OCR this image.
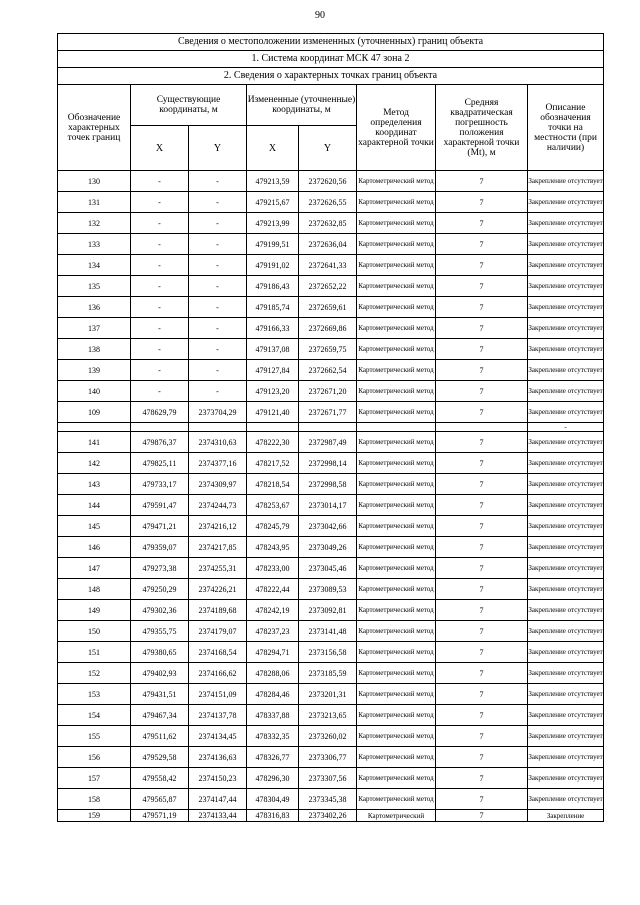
90
Сведения о местоположении измененных (уточненных) границ объекта							
1. Система координат МСК 47 зона 2							
2. Сведения о характерных точках границ объекта							
Обозначение характерных точек границ	Существующие координаты, м		Измененные (уточненные) координаты, м		Метод определения координат характерной точки	Средняя квадратическая погрешность положения характерной точки (Mt), м	Описание обозначения точки на местности (при наличии)
	X	Y	X	Y			
130	-	-	479213,59	2372620,56	Картометрический метод	7	Закрепление отсутствует
131	-	-	479215,67	2372626,55	Картометрический метод	7	Закрепление отсутствует
132	-	-	479213,99	2372632,85	Картометрический метод	7	Закрепление отсутствует
133	-	-	479199,51	2372636,04	Картометрический метод	7	Закрепление отсутствует
134	-	-	479191,02	2372641,33	Картометрический метод	7	Закрепление отсутствует
135	-	-	479186,43	2372652,22	Картометрический метод	7	Закрепление отсутствует
136	-	-	479185,74	2372659,61	Картометрический метод	7	Закрепление отсутствует
137	-	-	479166,33	2372669,86	Картометрический метод	7	Закрепление отсутствует
138	-	-	479137,08	2372659,75	Картометрический метод	7	Закрепление отсутствует
139	-	-	479127,84	2372662,54	Картометрический метод	7	Закрепление отсутствует
140	-	-	479123,20	2372671,20	Картометрический метод	7	Закрепление отсутствует
109	478629,79	2373704,29	479121,40	2372671,77	Картометрический метод	7	Закрепление отсутствует
							-
141	479876,37	2374310,63	478222,30	2372987,49	Картометрический метод	7	Закрепление отсутствует
142	479825,11	2374377,16	478217,52	2372998,14	Картометрический метод	7	Закрепление отсутствует
143	479733,17	2374309,97	478218,54	2372998,58	Картометрический метод	7	Закрепление отсутствует
144	479591,47	2374244,73	478253,67	2373014,17	Картометрический метод	7	Закрепление отсутствует
145	479471,21	2374216,12	478245,79	2373042,66	Картометрический метод	7	Закрепление отсутствует
146	479359,07	2374217,85	478243,95	2373049,26	Картометрический метод	7	Закрепление отсутствует
147	479273,38	2374255,31	478233,00	2373045,46	Картометрический метод	7	Закрепление отсутствует
148	479250,29	2374226,21	478222,44	2373089,53	Картометрический метод	7	Закрепление отсутствует
149	479302,36	2374189,68	478242,19	2373092,81	Картометрический метод	7	Закрепление отсутствует
150	479355,75	2374179,07	478237,23	2373141,48	Картометрический метод	7	Закрепление отсутствует
151	479380,65	2374168,54	478294,71	2373156,58	Картометрический метод	7	Закрепление отсутствует
152	479402,93	2374166,62	478288,06	2373185,59	Картометрический метод	7	Закрепление отсутствует
153	479431,51	2374151,09	478284,46	2373201,31	Картометрический метод	7	Закрепление отсутствует
154	479467,34	2374137,78	478337,88	2373213,65	Картометрический метод	7	Закрепление отсутствует
155	479511,62	2374134,45	478332,35	2373260,02	Картометрический метод	7	Закрепление отсутствует
156	479529,58	2374136,63	478326,77	2373306,77	Картометрический метод	7	Закрепление отсутствует
157	479558,42	2374150,23	478296,30	2373307,56	Картометрический метод	7	Закрепление отсутствует
158	479565,87	2374147,44	478304,49	2373345,38	Картометрический метод	7	Закрепление отсутствует
159	479571,19	2374133,44	478316,83	2373402,26	Картометрический	7	Закрепление
